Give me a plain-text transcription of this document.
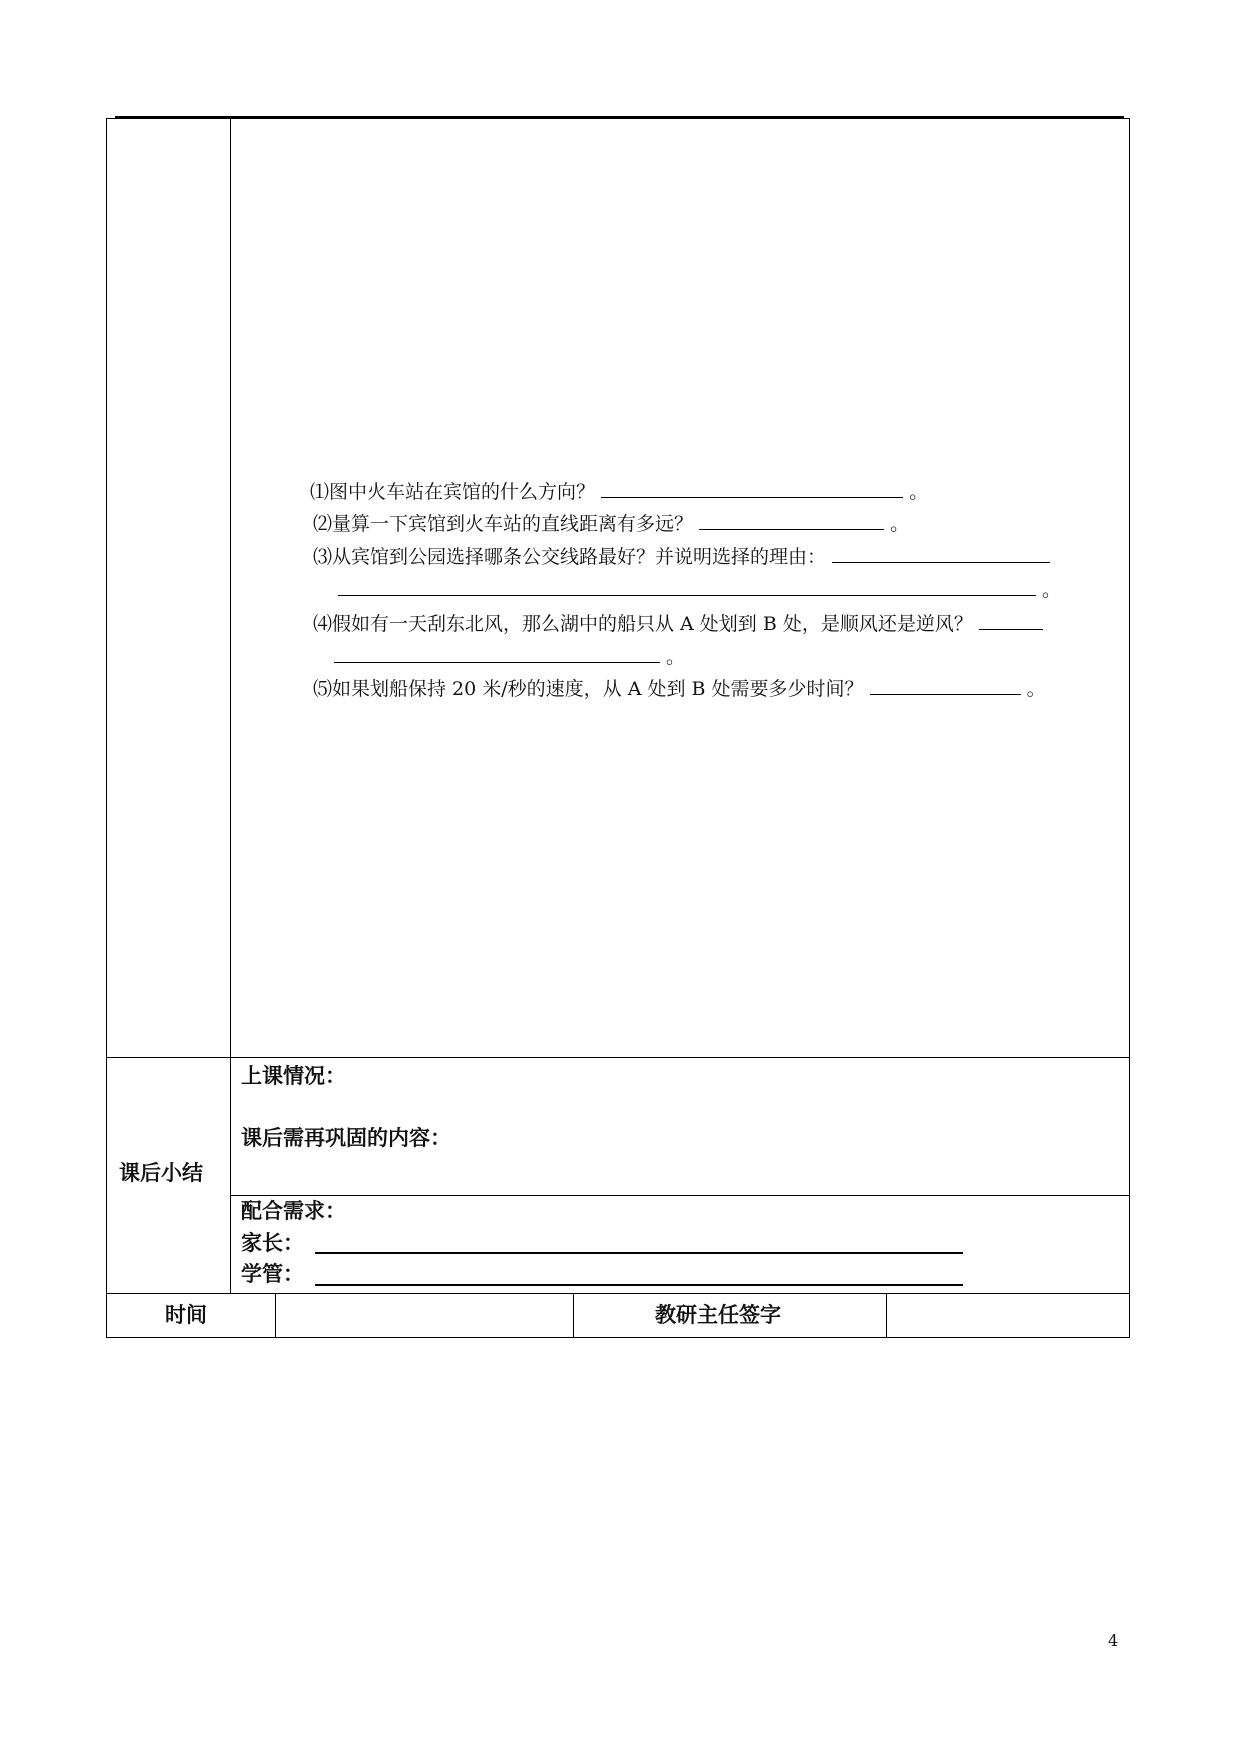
⑴图中火车站在宾馆的什么方向？	。
⑵量算一下宾馆到火车站的直线距离有多远？	。
⑶从宾馆到公园选择哪条公交线路最好？并说明选择的理由：
。
⑷假如有一天刮东北风，那么湖中的船只从 A 处划到 B 处，是顺风还是逆风？
。
⑸如果划船保持 20 米/秒的速度，从 A 处到 B 处需要多少时间？	。
课后小结
上课情况：
课后需再巩固的内容：
配合需求：
家长：
学管：
时间	教研主任签字
4
